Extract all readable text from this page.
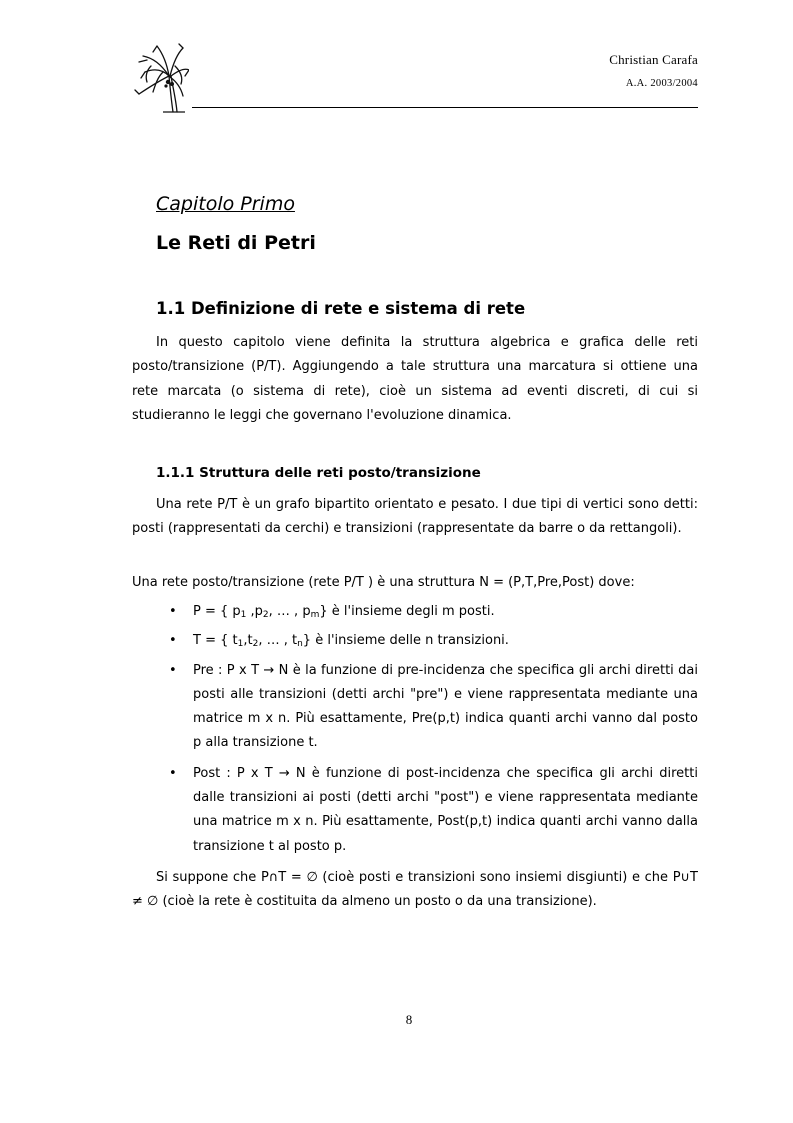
Christian Carafa
A.A. 2003/2004
Capitolo Primo
Le Reti di Petri
1.1 Definizione di rete e sistema di rete
In questo capitolo viene definita la struttura algebrica e grafica delle reti posto/transizione (P/T). Aggiungendo a tale struttura una marcatura si ottiene una rete marcata (o sistema di rete), cioè un sistema ad eventi discreti, di cui si studieranno le leggi che governano l'evoluzione dinamica.
1.1.1 Struttura delle reti posto/transizione
Una rete P/T è un grafo bipartito orientato e pesato. I due tipi di vertici sono detti: posti (rappresentati da cerchi) e transizioni (rappresentate da barre o da rettangoli).
Una rete posto/transizione (rete P/T ) è una struttura N = (P,T,Pre,Post) dove:
• P = { $p_1$ $,p_2$, … , $p_m$} è l'insieme degli m posti.
• T = { $t_1,t_2$, … , $t_n$} è l'insieme delle n transizioni.
• Pre : P x T → N è la funzione di pre-incidenza che specifica gli archi diretti dai posti alle transizioni (detti archi "pre") e viene rappresentata mediante una matrice m x n. Più esattamente, Pre(p,t) indica quanti archi vanno dal posto p alla transizione t.
• Post : P x T → N è funzione di post-incidenza che specifica gli archi diretti dalle transizioni ai posti (detti archi "post") e viene rappresentata mediante una matrice m x n. Più esattamente, Post(p,t) indica quanti archi vanno dalla transizione t al posto p.
Si suppone che P∩T = ∅ (cioè posti e transizioni sono insiemi disgiunti) e che P∪T ≠ ∅ (cioè la rete è costituita da almeno un posto o da una transizione).
8
